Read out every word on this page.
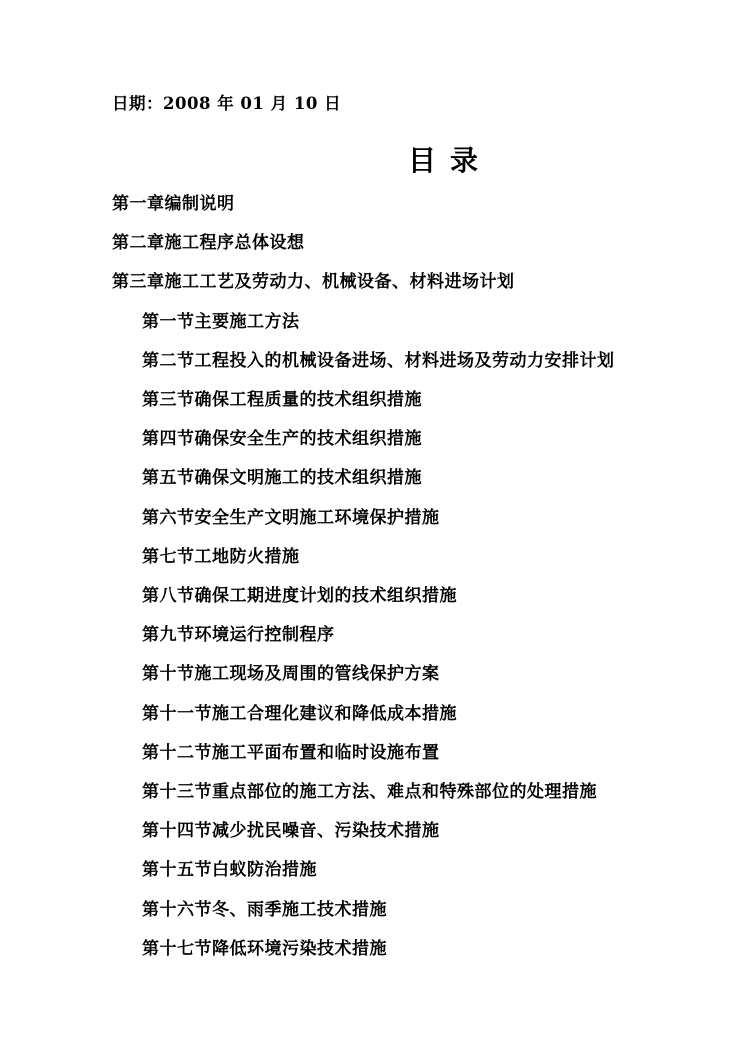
日期：2008 年 01 月 10 日
目录
第一章编制说明
第二章施工程序总体设想
第三章施工工艺及劳动力、机械设备、材料进场计划
第一节主要施工方法
第二节工程投入的机械设备进场、材料进场及劳动力安排计划
第三节确保工程质量的技术组织措施
第四节确保安全生产的技术组织措施
第五节确保文明施工的技术组织措施
第六节安全生产文明施工环境保护措施
第七节工地防火措施
第八节确保工期进度计划的技术组织措施
第九节环境运行控制程序
第十节施工现场及周围的管线保护方案
第十一节施工合理化建议和降低成本措施
第十二节施工平面布置和临时设施布置
第十三节重点部位的施工方法、难点和特殊部位的处理措施
第十四节减少扰民噪音、污染技术措施
第十五节白蚁防治措施
第十六节冬、雨季施工技术措施
第十七节降低环境污染技术措施
